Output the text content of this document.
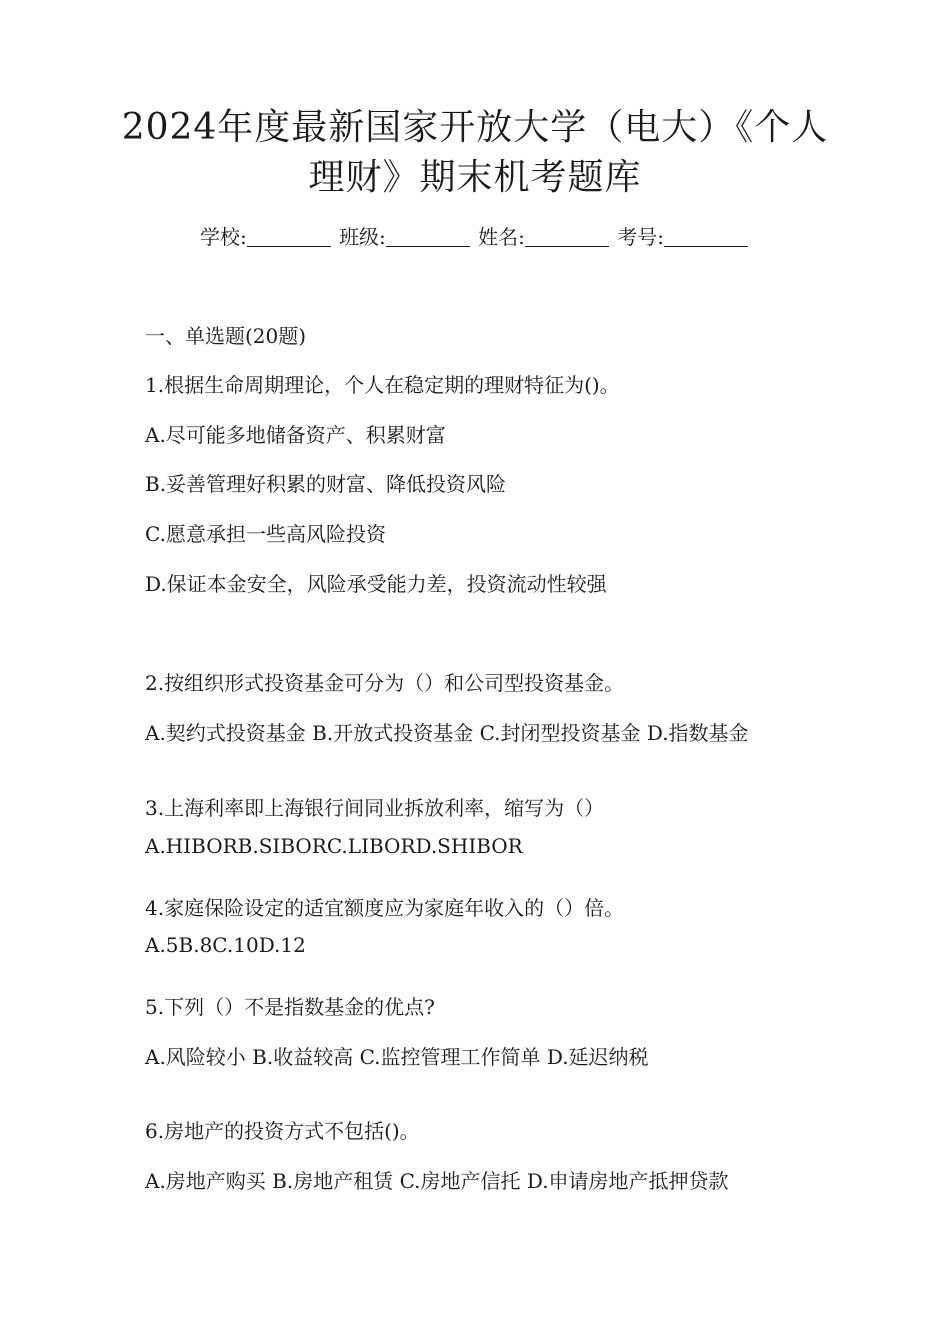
2024年度最新国家开放大学（电大）《个人
理财》期末机考题库
学校:	班级:	姓名:	考号:
一、单选题(20题)
1.根据生命周期理论，个人在稳定期的理财特征为()。
A.尽可能多地储备资产、积累财富
B.妥善管理好积累的财富、降低投资风险
C.愿意承担一些高风险投资
D.保证本金安全，风险承受能力差，投资流动性较强
2.按组织形式投资基金可分为（）和公司型投资基金。
A.契约式投资基金 B.开放式投资基金 C.封闭型投资基金 D.指数基金
3.上海利率即上海银行间同业拆放利率，缩写为（）
A.HIBORB.SIBORC.LIBORD.SHIBOR
4.家庭保险设定的适宜额度应为家庭年收入的（）倍。
A.5B.8C.10D.12
5.下列（）不是指数基金的优点?
A.风险较小 B.收益较高 C.监控管理工作简单 D.延迟纳税
6.房地产的投资方式不包括()。
A.房地产购买 B.房地产租赁 C.房地产信托 D.申请房地产抵押贷款
